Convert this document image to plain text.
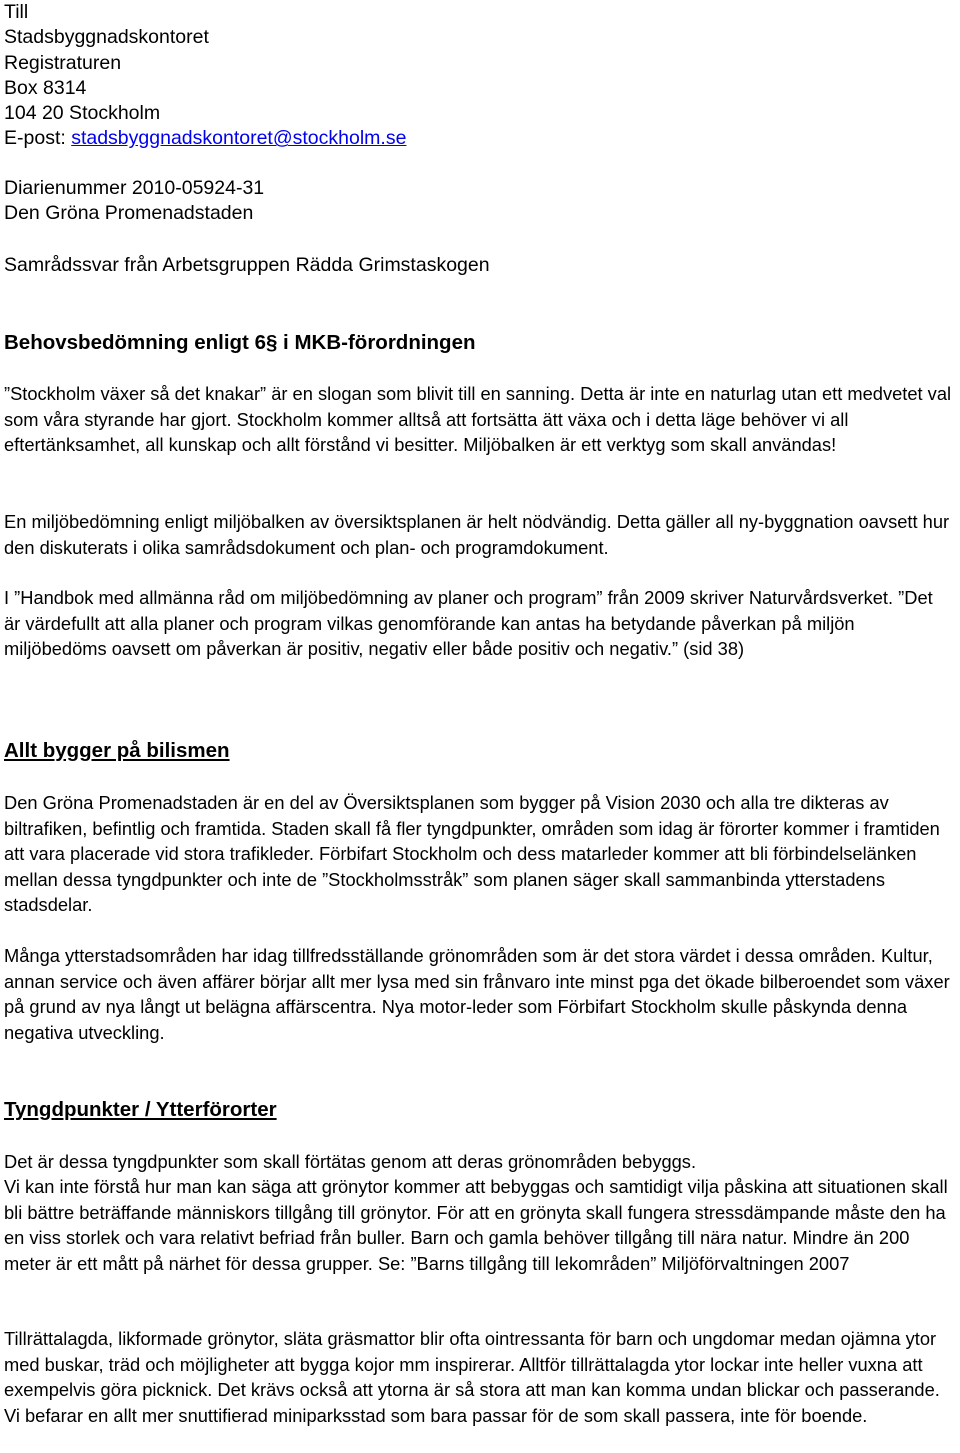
Till

Stadsbyggnadskontoret

Registraturen

Box 8314

104 20 Stockholm

E-post: stadsbyggnadskontoret@stockholm.se

Diarienummer 2010-05924-31

Den Gröna Promenadstaden

Samrådssvar från Arbetsgruppen Rädda Grimstaskogen

Behovsbedömning enligt 6§ i MKB-förordningen

”Stockholm växer så det knakar” är en slogan som blivit till en sanning. Detta är inte en naturlag utan ett medvetet val som våra styrande har gjort. Stockholm kommer alltså att fortsätta ätt växa och i detta läge behöver vi all eftertänksamhet, all kunskap och allt förstånd vi besitter. Miljöbalken är ett verktyg som skall användas!

En miljöbedömning enligt miljöbalken av översiktsplanen är helt nödvändig. Detta gäller all ny-byggnation oavsett hur den diskuterats i olika samrådsdokument och plan- och programdokument.

I ”Handbok med allmänna råd om miljöbedömning av planer och program” från 2009 skriver Naturvårdsverket. ”Det är värdefullt att alla planer och program vilkas genomförande kan antas ha betydande påverkan på miljön miljöbedöms oavsett om påverkan är positiv, negativ eller både positiv och negativ.” (sid 38)

Allt bygger på bilismen

Den Gröna Promenadstaden är en del av Översiktsplanen som bygger på Vision 2030 och alla tre dikteras av biltrafiken, befintlig och framtida. Staden skall få fler tyngdpunkter, områden som idag är förorter kommer i framtiden att vara placerade vid stora trafikleder. Förbifart Stockholm och dess matarleder kommer att bli förbindelselänken mellan dessa tyngdpunkter och inte de ”Stockholmsstråk” som planen säger skall sammanbinda ytterstadens stadsdelar.

Många ytterstadsområden har idag tillfredsställande grönområden som är det stora värdet i dessa områden. Kultur, annan service och även affärer börjar allt mer lysa med sin frånvaro inte minst pga det ökade bilberoendet som växer på grund av nya långt ut belägna affärscentra. Nya motor-leder som Förbifart Stockholm skulle påskynda denna negativa utveckling.

Tyngdpunkter / Ytterförorter

Det är dessa tyngdpunkter som skall förtätas genom att deras grönområden bebyggs.

Vi kan inte förstå hur man kan säga att grönytor kommer att bebyggas och samtidigt vilja påskina att situationen skall bli bättre beträffande människors tillgång till grönytor. För att en grönyta skall fungera stressdämpande måste den ha en viss storlek och vara relativt befriad från buller. Barn och gamla behöver tillgång till nära natur. Mindre än 200 meter är ett mått på närhet för dessa grupper. Se: ”Barns tillgång till lekområden” Miljöförvaltningen 2007

Tillrättalagda, likformade grönytor, släta gräsmattor blir ofta ointressanta för barn och ungdomar medan ojämna ytor med buskar, träd och möjligheter att bygga kojor mm inspirerar. Alltför tillrättalagda ytor lockar inte heller vuxna att exempelvis göra picknick. Det krävs också att ytorna är så stora att man kan komma undan blickar och passerande. Vi befarar en allt mer snuttifierad miniparksstad som bara passar för de som skall passera, inte för boende.
